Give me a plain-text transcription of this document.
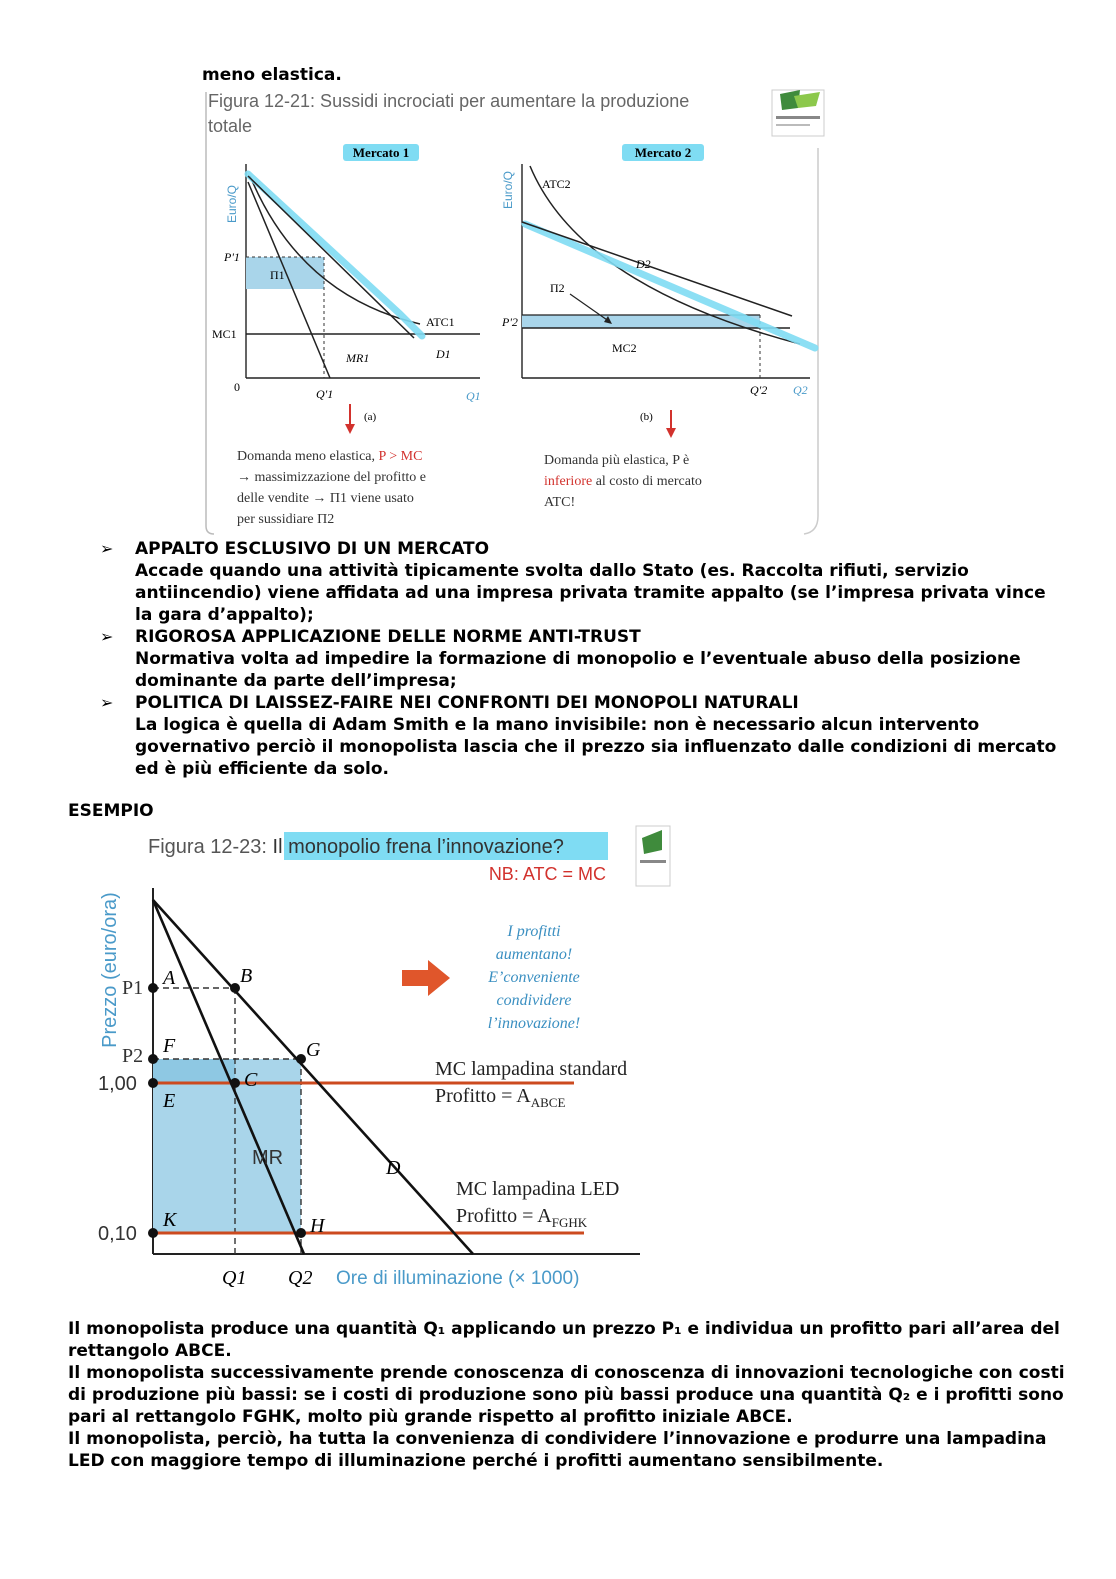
meno elastica.
Figura 12-21: Sussidi incrociati per aumentare la produzione
totale
Mercato 1
Euro/Q
P'1
Π1
MC1
ATC1
MR1	D1
0	Q'1	Q1
(a)
Domanda meno elastica, P > MC
→ massimizzazione del profitto e
delle vendite → Π1 viene usato
per sussidiare Π2
Mercato 2
Euro/Q ATC2
D2
Π2
P'2
MC2
Q'2 Q2
(b)
Domanda più elastica, P è
inferiore al costo di mercato
ATC!
➢ APPALTO ESCLUSIVO DI UN MERCATO
Accade quando una attività tipicamente svolta dallo Stato (es. Raccolta rifiuti, servizio antiincendio) viene affidata ad una impresa privata tramite appalto (se l’impresa privata vince la gara d’appalto);
➢ RIGOROSA APPLICAZIONE DELLE NORME ANTI-TRUST
Normativa volta ad impedire la formazione di monopolio e l’eventuale abuso della posizione dominante da parte dell’impresa;
➢ POLITICA DI LAISSEZ-FAIRE NEI CONFRONTI DEI MONOPOLI NATURALI
La logica è quella di Adam Smith e la mano invisibile: non è necessario alcun intervento governativo perciò il monopolista lascia che il prezzo sia influenzato dalle condizioni di mercato ed è più efficiente da solo.
ESEMPIO
Figura 12-23: Il monopolio frena l’innovazione?
NB: ATC = MC
Prezzo (euro/ora) P1
P2
1,00
0,10
A	B
F	G
C
E
K	H
MR	D
Q1 Q2 Ore di illuminazione (× 1000)
MC lampadina standard
Profitto = $A_{ABCE}$
MC lampadina LED
Profitto = $A_{FGHK}$
I profitti
aumentano!
E’conveniente
condividere
l’innovazione!

Il monopolista produce una quantità Q₁ applicando un prezzo P₁ e individua un profitto pari all’area del rettangolo ABCE.

Il monopolista successivamente prende conoscenza di conoscenza di innovazioni tecnologiche con costi di produzione più bassi: se i costi di produzione sono più bassi produce una quantità Q₂ e i profitti sono pari al rettangolo FGHK, molto più grande rispetto al profitto iniziale ABCE.

Il monopolista, perciò, ha tutta la convenienza di condividere l’innovazione e produrre una lampadina LED con maggiore tempo di illuminazione perché i profitti aumentano sensibilmente.
